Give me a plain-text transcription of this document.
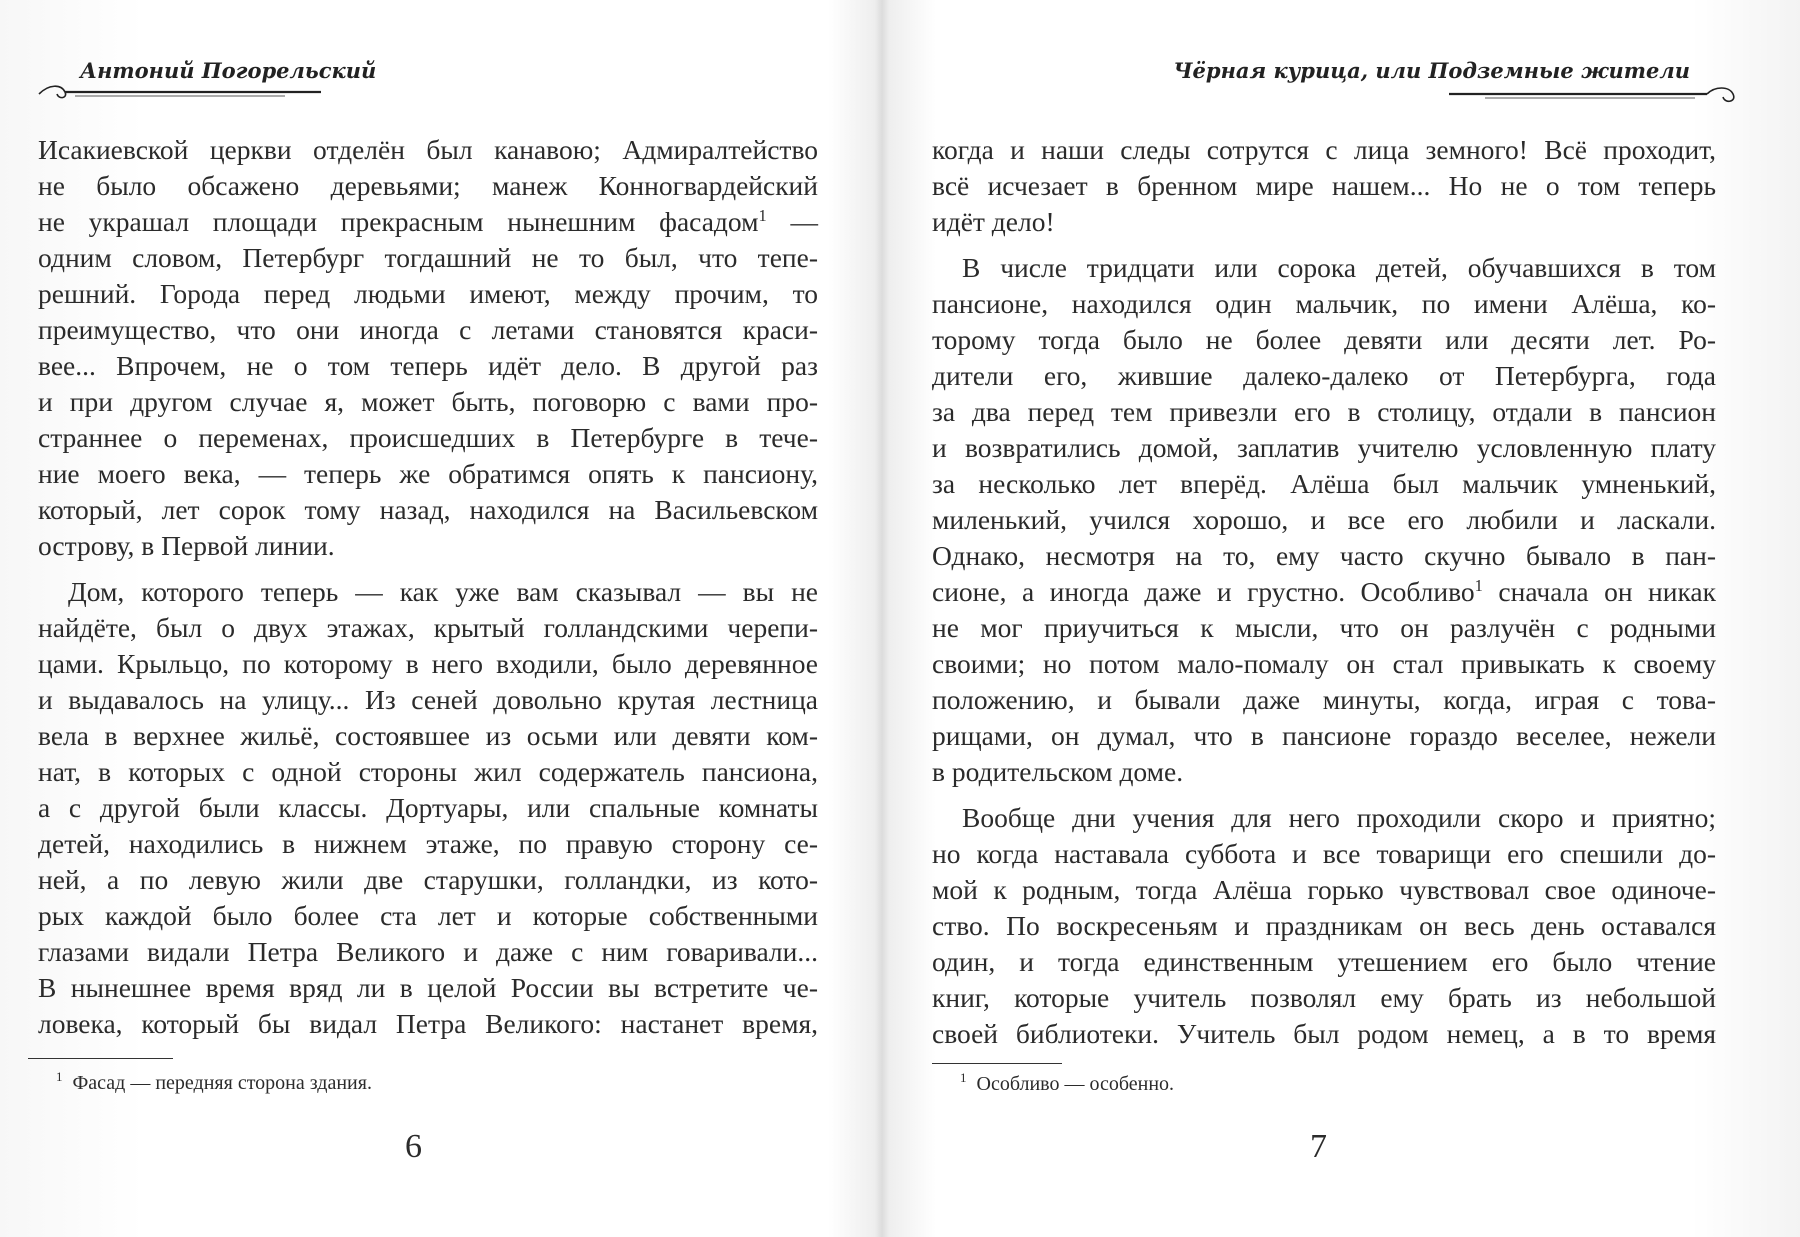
Антоний Погорельский
Исакиевской церкви отделён был канавою; Адмиралтейство
не было обсажено деревьями; манеж Конногвардейский
не украшал площади прекрасным нынешним фасадом$^1$ —
одним словом, Петербург тогдашний не то был, что тепе-
решний. Города перед людьми имеют, между прочим, то
преимущество, что они иногда с летами становятся краси-
вее... Впрочем, не о том теперь идёт дело. В другой раз
и при другом случае я, может быть, поговорю с вами про-
страннее о переменах, происшедших в Петербурге в тече-
ние моего века, — теперь же обратимся опять к пансиону,
который, лет сорок тому назад, находился на Васильевском
острову, в Первой линии.
Дом, которого теперь — как уже вам сказывал — вы не
найдёте, был о двух этажах, крытый голландскими черепи-
цами. Крыльцо, по которому в него входили, было деревянное
и выдавалось на улицу... Из сеней довольно крутая лестница
вела в верхнее жильё, состоявшее из осьми или девяти ком-
нат, в которых с одной стороны жил содержатель пансиона,
а с другой были классы. Дортуары, или спальные комнаты
детей, находились в нижнем этаже, по правую сторону се-
ней, а по левую жили две старушки, голландки, из кото-
рых каждой было более ста лет и которые собственными
глазами видали Петра Великого и даже с ним говаривали...
В нынешнее время вряд ли в целой России вы встретите че-
ловека, который бы видал Петра Великого: настанет время,
$^1$ Фасад — передняя сторона здания.
6
Чёрная курица, или Подземные жители
когда и наши следы сотрутся с лица земного! Всё проходит,
всё исчезает в бренном мире нашем... Но не о том теперь
идёт дело!
В числе тридцати или сорока детей, обучавшихся в том
пансионе, находился один мальчик, по имени Алёша, ко-
торому тогда было не более девяти или десяти лет. Ро-
дители его, жившие далеко-далеко от Петербурга, года
за два перед тем привезли его в столицу, отдали в пансион
и возвратились домой, заплатив учителю условленную плату
за несколько лет вперёд. Алёша был мальчик умненький,
миленький, учился хорошо, и все его любили и ласкали.
Однако, несмотря на то, ему часто скучно бывало в пан-
сионе, а иногда даже и грустно. Особливо$^1$ сначала он никак
не мог приучиться к мысли, что он разлучён с родными
своими; но потом мало-помалу он стал привыкать к своему
положению, и бывали даже минуты, когда, играя с това-
рищами, он думал, что в пансионе гораздо веселее, нежели
в родительском доме.
Вообще дни учения для него проходили скоро и приятно;
но когда наставала суббота и все товарищи его спешили до-
мой к родным, тогда Алёша горько чувствовал свое одиноче-
ство. По воскресеньям и праздникам он весь день оставался
один, и тогда единственным утешением его было чтение
книг, которые учитель позволял ему брать из небольшой
своей библиотеки. Учитель был родом немец, а в то время
$^1$ Особливо — особенно.
7
